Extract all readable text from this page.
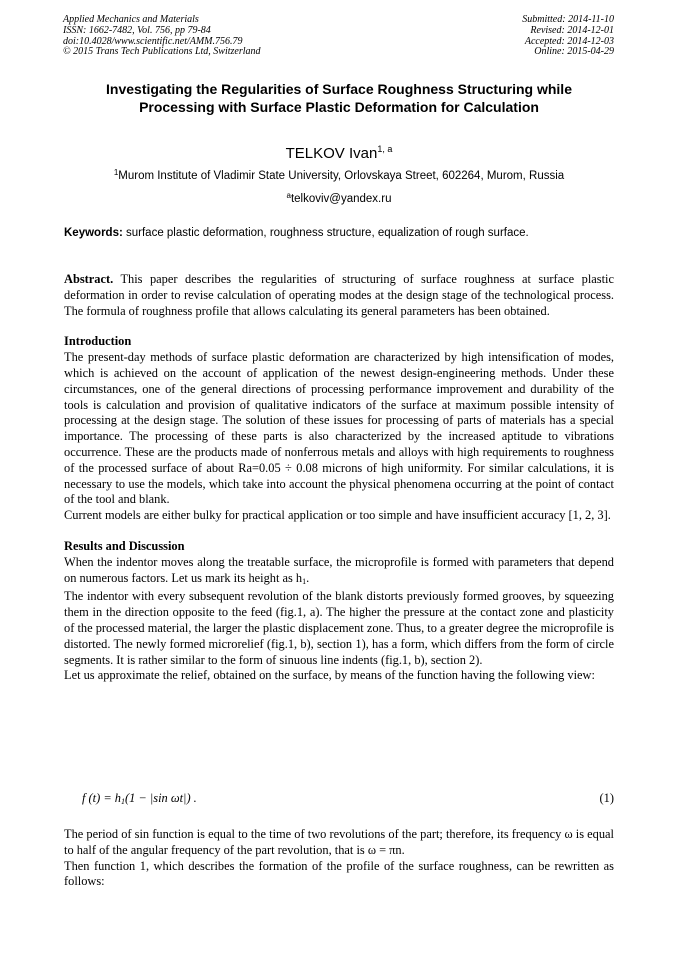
Applied Mechanics and Materials
ISSN: 1662-7482, Vol. 756, pp 79-84
doi:10.4028/www.scientific.net/AMM.756.79
© 2015 Trans Tech Publications Ltd, Switzerland
Submitted: 2014-11-10
Revised: 2014-12-01
Accepted: 2014-12-03
Online: 2015-04-29
Investigating the Regularities of Surface Roughness Structuring while
Processing with Surface Plastic Deformation for Calculation
TELKOV Ivan$^{1, a}$
$^1$Murom Institute of Vladimir State University, Orlovskaya Street, 602264, Murom, Russia
$^a$telkoviv@yandex.ru
Keywords: surface plastic deformation, roughness structure, equalization of rough surface.

Abstract. This paper describes the regularities of structuring of surface roughness at surface plastic deformation in order to revise calculation of operating modes at the design stage of the technological process. The formula of roughness profile that allows calculating its general parameters has been obtained.

Introduction

The present-day methods of surface plastic deformation are characterized by high intensification of modes, which is achieved on the account of application of the newest design-engineering methods. Under these circumstances, one of the general directions of processing performance improvement and durability of the tools is calculation and provision of qualitative indicators of the surface at maximum possible intensity of processing at the design stage. The solution of these issues for processing of parts of materials has a special importance. The processing of these parts is also characterized by the increased aptitude to vibrations occurrence. These are the products made of nonferrous metals and alloys with high requirements to roughness of the processed surface of about Ra=0.05 ÷ 0.08 microns of high uniformity. For similar calculations, it is necessary to use the models, which take into account the physical phenomena occurring at the point of contact of the tool and blank.

Current models are either bulky for practical application or too simple and have insufficient accuracy [1, 2, 3].

Results and Discussion

When the indentor moves along the treatable surface, the microprofile is formed with parameters that depend on numerous factors. Let us mark its height as $h_1$.

The indentor with every subsequent revolution of the blank distorts previously formed grooves, by squeezing them in the direction opposite to the feed (fig.1, a). The higher the pressure at the contact zone and plasticity of the processed material, the larger the plastic displacement zone. Thus, to a greater degree the microprofile is distorted. The newly formed microrelief (fig.1, b), section 1), has a form, which differs from the form of circle segments. It is rather similar to the form of sinuous line indents (fig.1, b), section 2).

Let us approximate the relief, obtained on the surface, by means of the function having the following view:

f $(t) = h_1(1 - |\sin$ ωt|) .	(1)

The period of sin function is equal to the time of two revolutions of the part; therefore, its frequency ω is equal to half of the angular frequency of the part revolution, that is ω = πn.

Then function 1, which describes the formation of the profile of the surface roughness, can be rewritten as follows:
